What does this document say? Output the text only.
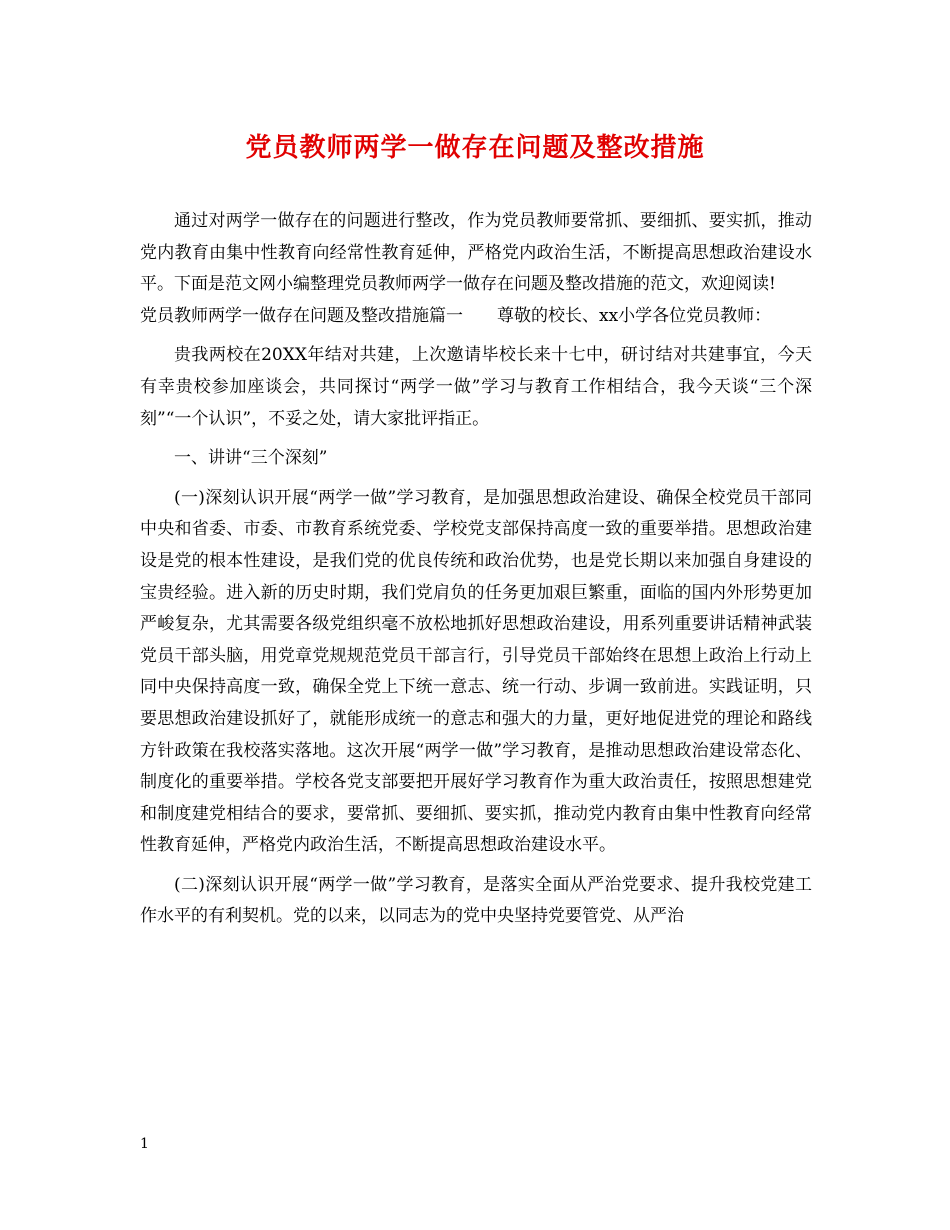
党员教师两学一做存在问题及整改措施

通过对两学一做存在的问题进行整改，作为党员教师要常抓、要细抓、要实抓，推动党内教育由集中性教育向经常性教育延伸，严格党内政治生活，不断提高思想政治建设水平。下面是范文网小编整理党员教师两学一做存在问题及整改措施的范文，欢迎阅读!

党员教师两学一做存在问题及整改措施篇一　　尊敬的校长、xx小学各位党员教师：

贵我两校在20XX年结对共建，上次邀请毕校长来十七中，研讨结对共建事宜，今天有幸贵校参加座谈会，共同探讨“两学一做”学习与教育工作相结合，我今天谈“三个深刻”“一个认识”，不妥之处，请大家批评指正。

一、讲讲“三个深刻”

(一)深刻认识开展“两学一做”学习教育，是加强思想政治建设、确保全校党员干部同中央和省委、市委、市教育系统党委、学校党支部保持高度一致的重要举措。思想政治建设是党的根本性建设，是我们党的优良传统和政治优势，也是党长期以来加强自身建设的宝贵经验。进入新的历史时期，我们党肩负的任务更加艰巨繁重，面临的国内外形势更加严峻复杂，尤其需要各级党组织毫不放松地抓好思想政治建设，用系列重要讲话精神武装党员干部头脑，用党章党规规范党员干部言行，引导党员干部始终在思想上政治上行动上同中央保持高度一致，确保全党上下统一意志、统一行动、步调一致前进。实践证明，只要思想政治建设抓好了，就能形成统一的意志和强大的力量，更好地促进党的理论和路线方针政策在我校落实落地。这次开展“两学一做”学习教育，是推动思想政治建设常态化、制度化的重要举措。学校各党支部要把开展好学习教育作为重大政治责任，按照思想建党和制度建党相结合的要求，要常抓、要细抓、要实抓，推动党内教育由集中性教育向经常性教育延伸，严格党内政治生活，不断提高思想政治建设水平。

(二)深刻认识开展“两学一做”学习教育，是落实全面从严治党要求、提升我校党建工作水平的有利契机。党的以来，以同志为的党中央坚持党要管党、从严治

1
